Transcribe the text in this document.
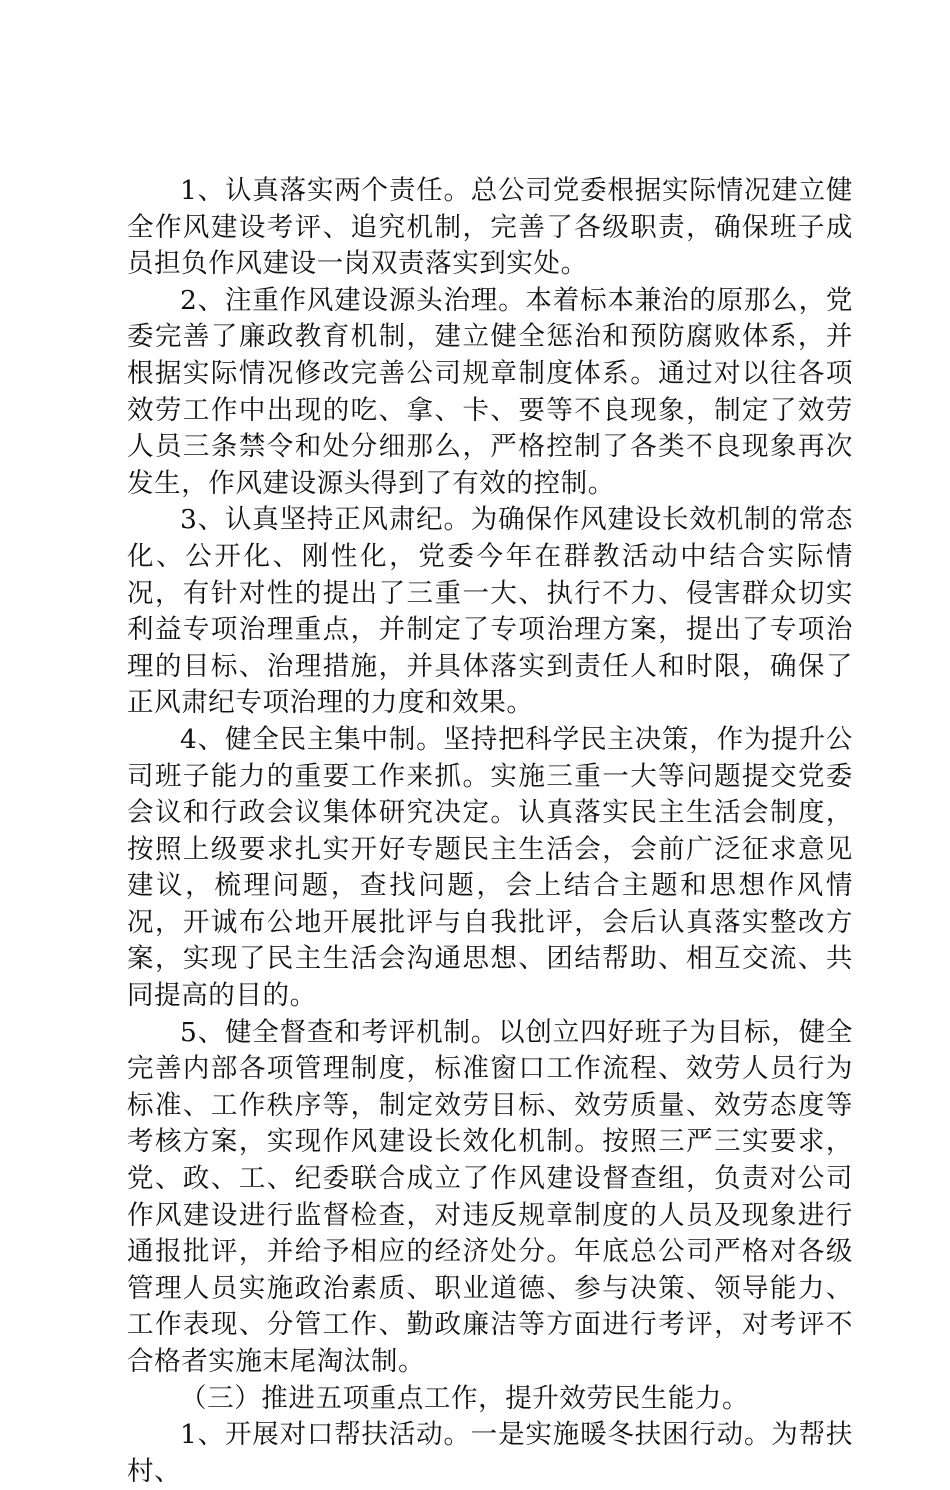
1、认真落实两个责任。总公司党委根据实际情况建立健全作风建设考评、追究机制，完善了各级职责，确保班子成员担负作风建设一岗双责落实到实处。

2、注重作风建设源头治理。本着标本兼治的原那么，党委完善了廉政教育机制，建立健全惩治和预防腐败体系，并根据实际情况修改完善公司规章制度体系。通过对以往各项效劳工作中出现的吃、拿、卡、要等不良现象，制定了效劳人员三条禁令和处分细那么，严格控制了各类不良现象再次发生，作风建设源头得到了有效的控制。

3、认真坚持正风肃纪。为确保作风建设长效机制的常态化、公开化、刚性化，党委今年在群教活动中结合实际情况，有针对性的提出了三重一大、执行不力、侵害群众切实利益专项治理重点，并制定了专项治理方案，提出了专项治理的目标、治理措施，并具体落实到责任人和时限，确保了正风肃纪专项治理的力度和效果。

4、健全民主集中制。坚持把科学民主决策，作为提升公司班子能力的重要工作来抓。实施三重一大等问题提交党委会议和行政会议集体研究决定。认真落实民主生活会制度，按照上级要求扎实开好专题民主生活会，会前广泛征求意见建议，梳理问题，查找问题，会上结合主题和思想作风情况，开诚布公地开展批评与自我批评，会后认真落实整改方案，实现了民主生活会沟通思想、团结帮助、相互交流、共同提高的目的。

5、健全督查和考评机制。以创立四好班子为目标，健全完善内部各项管理制度，标准窗口工作流程、效劳人员行为标准、工作秩序等，制定效劳目标、效劳质量、效劳态度等考核方案，实现作风建设长效化机制。按照三严三实要求，党、政、工、纪委联合成立了作风建设督查组，负责对公司作风建设进行监督检查，对违反规章制度的人员及现象进行通报批评，并给予相应的经济处分。年底总公司严格对各级管理人员实施政治素质、职业道德、参与决策、领导能力、工作表现、分管工作、勤政廉洁等方面进行考评，对考评不合格者实施末尾淘汰制。

（三）推进五项重点工作，提升效劳民生能力。

1、开展对口帮扶活动。一是实施暖冬扶困行动。为帮扶村、
